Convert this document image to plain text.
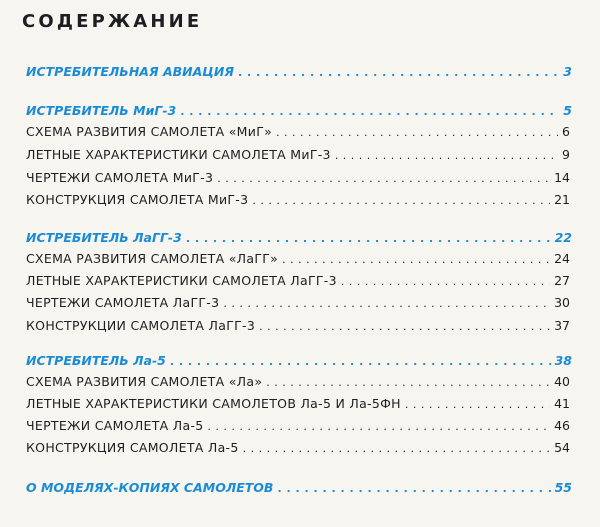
СОДЕРЖАНИЕ
ИСТРЕБИТЕЛЬНАЯ АВИАЦИЯ . . .	3
ИСТРЕБИТЕЛЬ МиГ-3 . . .	5
СХЕМА РАЗВИТИЯ САМОЛЕТА «МиГ» . . .	6
ЛЕТНЫЕ ХАРАКТЕРИСТИКИ САМОЛЕТА МиГ-3 . . .	9
ЧЕРТЕЖИ САМОЛЕТА МиГ-3 . . .	14
КОНСТРУКЦИЯ САМОЛЕТА МиГ-3 . . .	21
ИСТРЕБИТЕЛЬ ЛаГГ-3 . . .	22
СХЕМА РАЗВИТИЯ САМОЛЕТА «ЛаГГ» . . .	24
ЛЕТНЫЕ ХАРАКТЕРИСТИКИ САМОЛЕТА ЛаГГ-3 . . .	27
ЧЕРТЕЖИ САМОЛЕТА ЛаГГ-3 . . .	30
КОНСТРУКЦИИ САМОЛЕТА ЛаГГ-3 . . .	37
ИСТРЕБИТЕЛЬ Ла-5 . . .	38
СХЕМА РАЗВИТИЯ САМОЛЕТА «Ла» . . .	40
ЛЕТНЫЕ ХАРАКТЕРИСТИКИ САМОЛЕТОВ Ла-5 И Ла-5ФН . . .	41
ЧЕРТЕЖИ САМОЛЕТА Ла-5 . . .	46
КОНСТРУКЦИЯ САМОЛЕТА Ла-5 . . .	54
О МОДЕЛЯХ-КОПИЯХ САМОЛЕТОВ . . .	55
